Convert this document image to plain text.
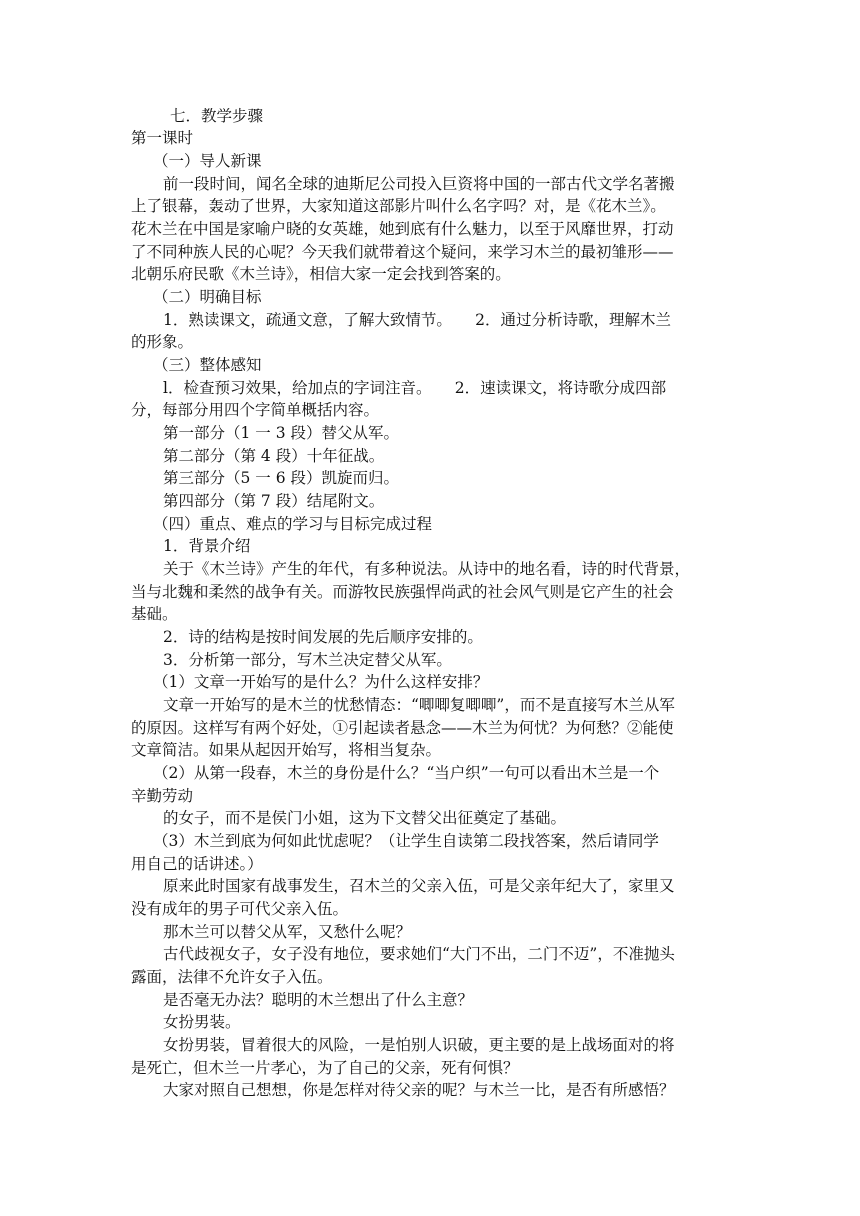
七．教学步骤
第一课时
（一）导人新课
前一段时间，闻名全球的迪斯尼公司投入巨资将中国的一部古代文学名著搬
上了银幕，轰动了世界，大家知道这部影片叫什么名字吗？对，是《花木兰》。
花木兰在中国是家喻户晓的女英雄，她到底有什么魅力，以至于风靡世界，打动
了不同种族人民的心呢？今天我们就带着这个疑问，来学习木兰的最初雏形——
北朝乐府民歌《木兰诗》，相信大家一定会找到答案的。
（二）明确目标
1．熟读课文，疏通文意，了解大致情节。　　2．通过分析诗歌，理解木兰
的形象。
（三）整体感知
l．检查预习效果，给加点的字词注音。　　2．速读课文，将诗歌分成四部
分，每部分用四个字简单概括内容。
第一部分（1 一 3 段）替父从军。
第二部分（第 4 段）十年征战。
第三部分（5 一 6 段）凯旋而归。
第四部分（第 7 段）结尾附文。
（四）重点、难点的学习与目标完成过程
1．背景介绍
关于《木兰诗》产生的年代，有多种说法。从诗中的地名看，诗的时代背景，
当与北魏和柔然的战争有关。而游牧民族强悍尚武的社会风气则是它产生的社会
基础。
2．诗的结构是按时间发展的先后顺序安排的。
3．分析第一部分，写木兰决定替父从军。
（1）文章一开始写的是什么？为什么这样安排？
文章一开始写的是木兰的忧愁情态：“唧唧复唧唧”，而不是直接写木兰从军
的原因。这样写有两个好处，①引起读者悬念——木兰为何忧？为何愁？②能使
文章简洁。如果从起因开始写，将相当复杂。
（2）从第一段春，木兰的身份是什么？“当户织”一句可以看出木兰是一个
辛勤劳动
的女子，而不是侯门小姐，这为下文替父出征奠定了基础。
（3）木兰到底为何如此忧虑呢？（让学生自读第二段找答案，然后请同学
用自己的话讲述。）
原来此时国家有战事发生，召木兰的父亲入伍，可是父亲年纪大了，家里又
没有成年的男子可代父亲入伍。
那木兰可以替父从军，又愁什么呢？
古代歧视女子，女子没有地位，要求她们“大门不出，二门不迈”，不准抛头
露面，法律不允许女子入伍。
是否毫无办法？聪明的木兰想出了什么主意？
女扮男装。
女扮男装，冒着很大的风险，一是怕别人识破，更主要的是上战场面对的将
是死亡，但木兰一片孝心，为了自己的父亲，死有何惧？
大家对照自己想想，你是怎样对待父亲的呢？与木兰一比，是否有所感悟？
